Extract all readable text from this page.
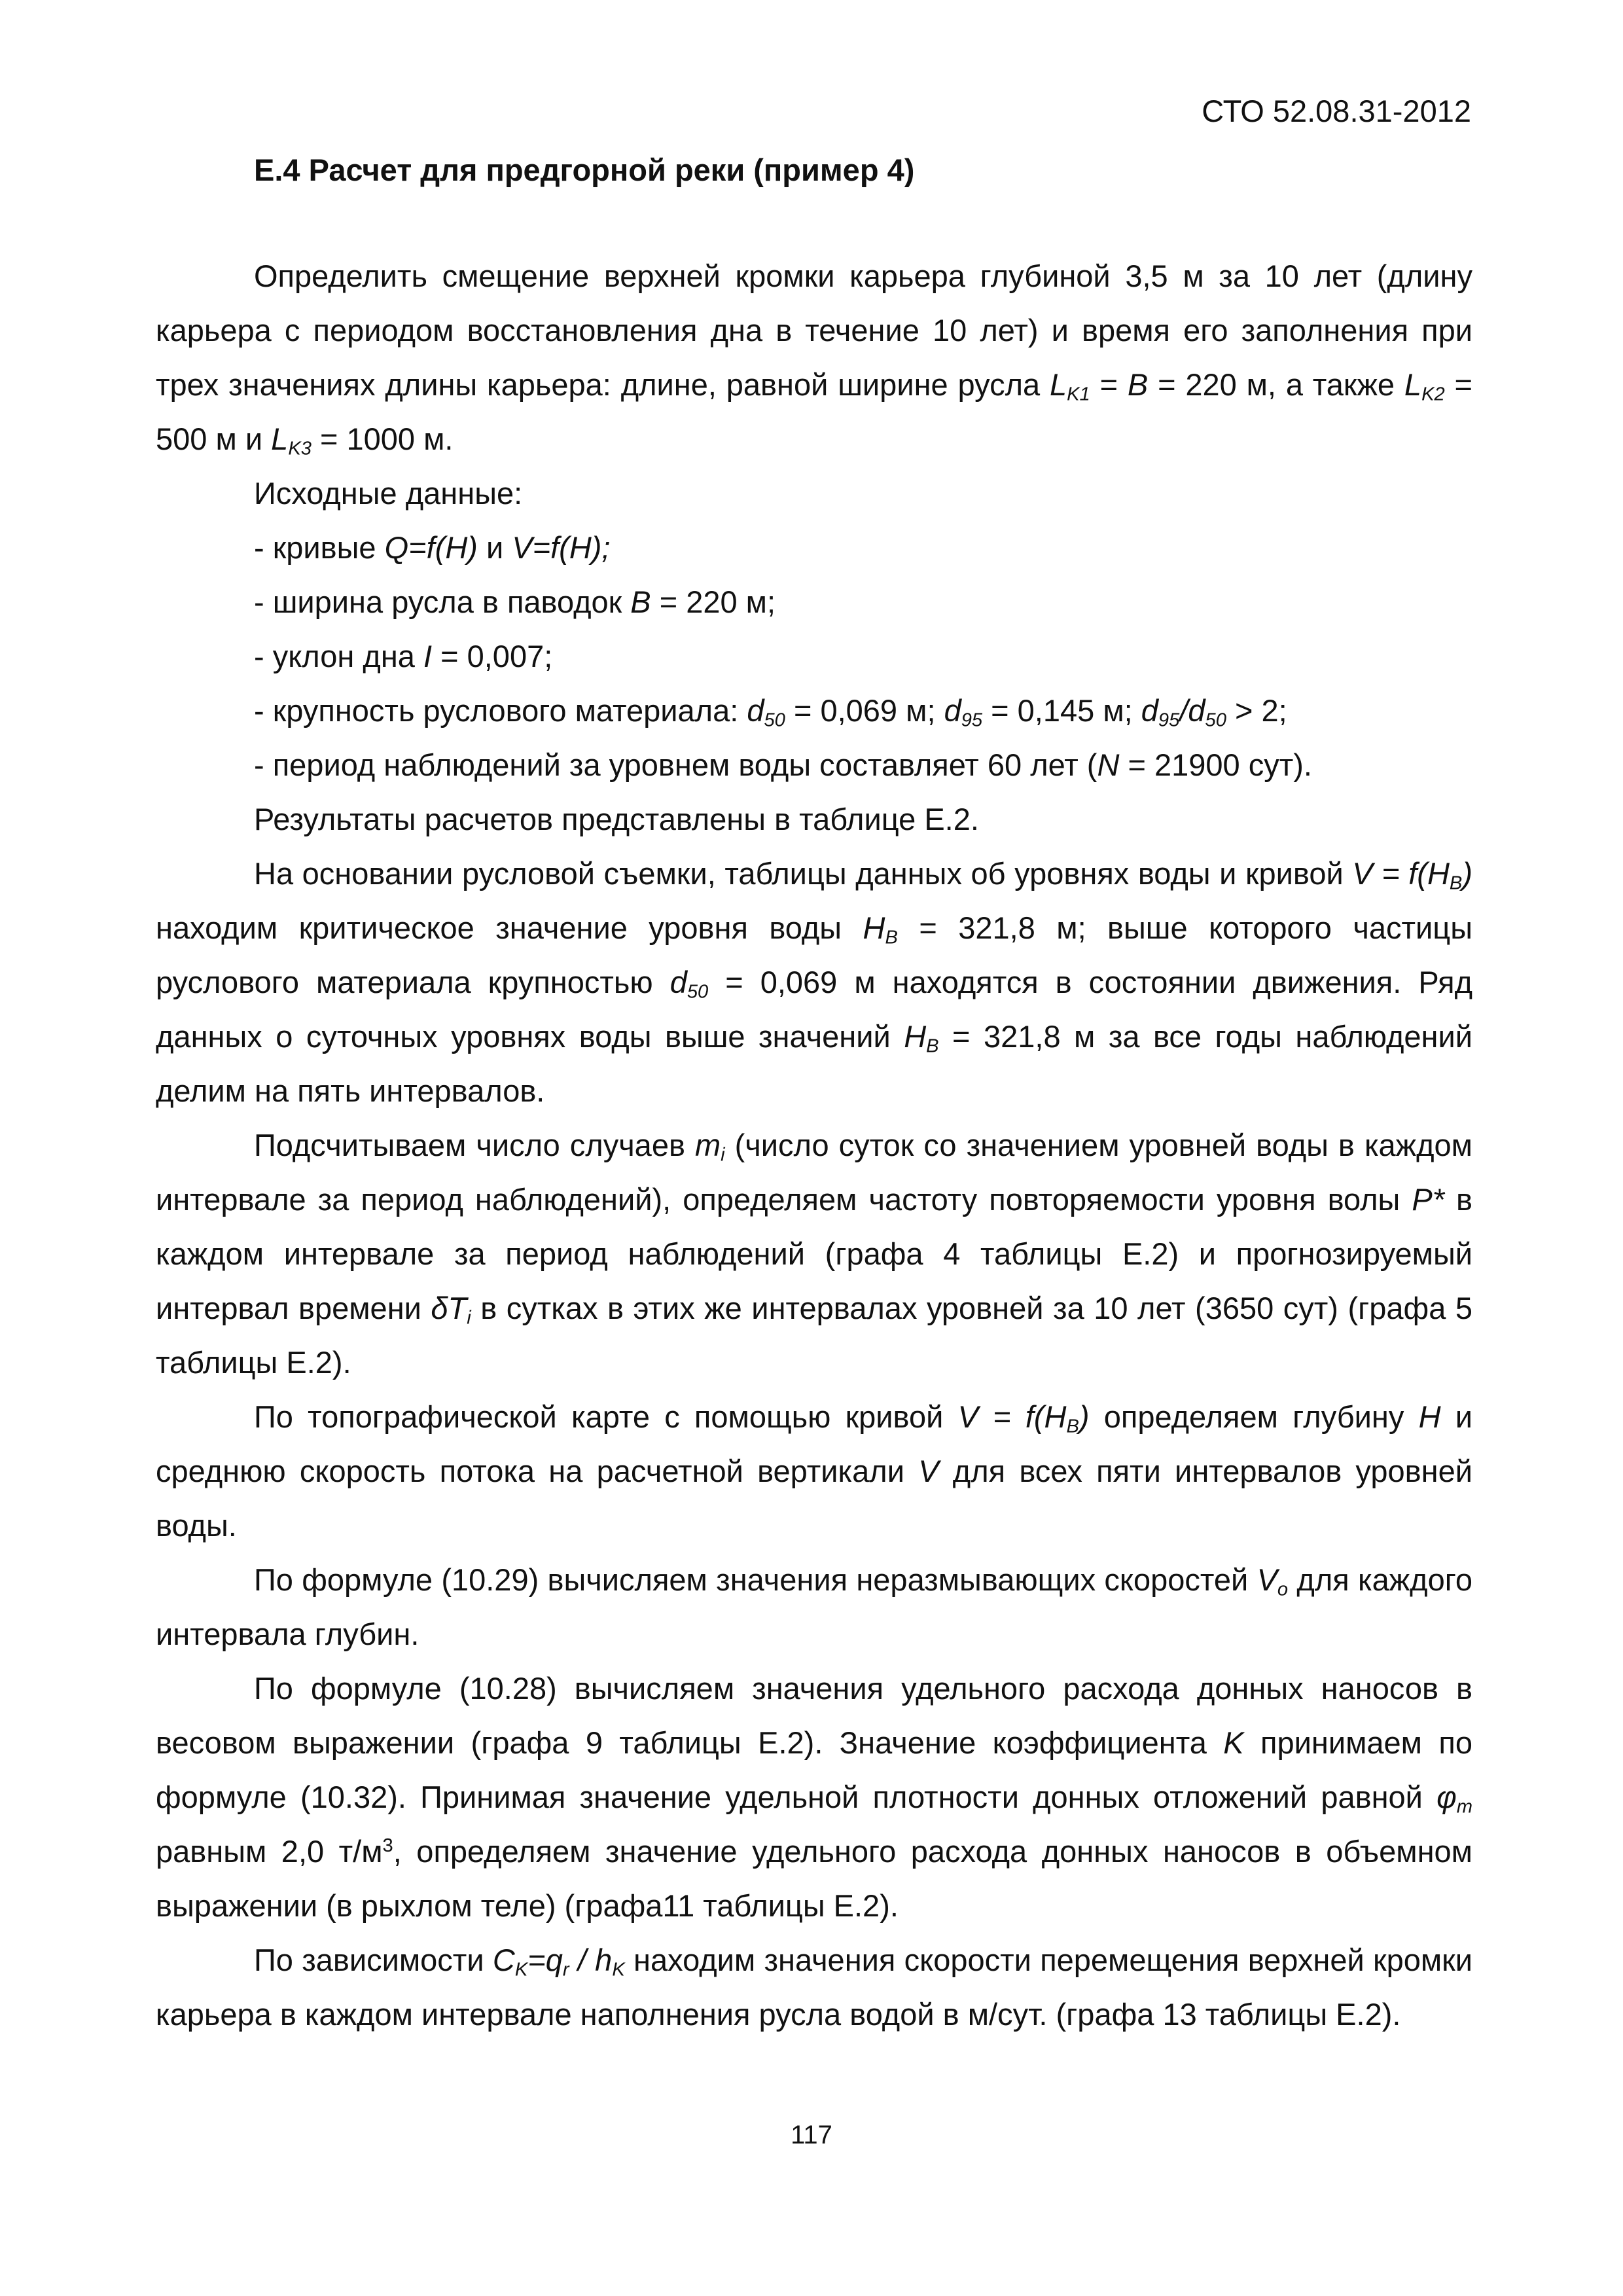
СТО 52.08.31-2012
Е.4 Расчет для предгорной реки (пример 4)

Определить смещение верхней кромки карьера глубиной 3,5 м за 10 лет (длину карьера с периодом восстановления дна в течение 10 лет) и время его заполнения при трех значениях длины карьера: длине, равной ширине русла $L_{K1} = B = 220$ м, а также $L_{K2} = 500$ м и $L_{K3} = 1000$ м.

Исходные данные:

- кривые Q=f(H) и V=f(H);

- ширина русла в паводок B = 220 м;

- уклон дна I = 0,007;

- крупность руслового материала: $d_{50} = 0,069$ м; $d_{95} = 0,145$ м; $d_{95}/d_{50} > 2$;

- период наблюдений за уровнем воды составляет 60 лет (N = 21900 сут).

Результаты расчетов представлены в таблице Е.2.

На основании русловой съемки, таблицы данных об уровнях воды и кривой $V = f(H_B)$ находим критическое значение уровня воды $H_B = 321,8$ м; выше которого частицы руслового материала крупностью $d_{50} = 0,069$ м находятся в состоянии движения. Ряд данных о суточных уровнях воды выше значений $H_B = 321,8$ м за все годы наблюдений делим на пять интервалов.

Подсчитываем число случаев $m_i$ (число суток со значением уровней воды в каждом интервале за период наблюдений), определяем частоту повторяемости уровня волы P* в каждом интервале за период наблюдений (графа 4 таблицы Е.2) и прогнозируемый интервал времени $\delta T_i$ в сутках в этих же интервалах уровней за 10 лет (3650 сут) (графа 5 таблицы Е.2).

По топографической карте с помощью кривой $V = f(H_B)$ определяем глубину H и среднюю скорость потока на расчетной вертикали V для всех пяти интервалов уровней воды.

По формуле (10.29) вычисляем значения неразмывающих скоростей $V_o$ для каждого интервала глубин.

По формуле (10.28) вычисляем значения удельного расхода донных наносов в весовом выражении (графа 9 таблицы Е.2). Значение коэффициента K принимаем по формуле (10.32). Принимая значение удельной плотности донных отложений равной $\varphi_m$ равным 2,0 $т/м^3$, определяем значение удельного расхода донных наносов в объемном выражении (в рыхлом теле) (графа11 таблицы Е.2).

По зависимости $C_K=q_r / h_K$ находим значения скорости перемещения верхней кромки карьера в каждом интервале наполнения русла водой в м/сут. (графа 13 таблицы Е.2).

117
